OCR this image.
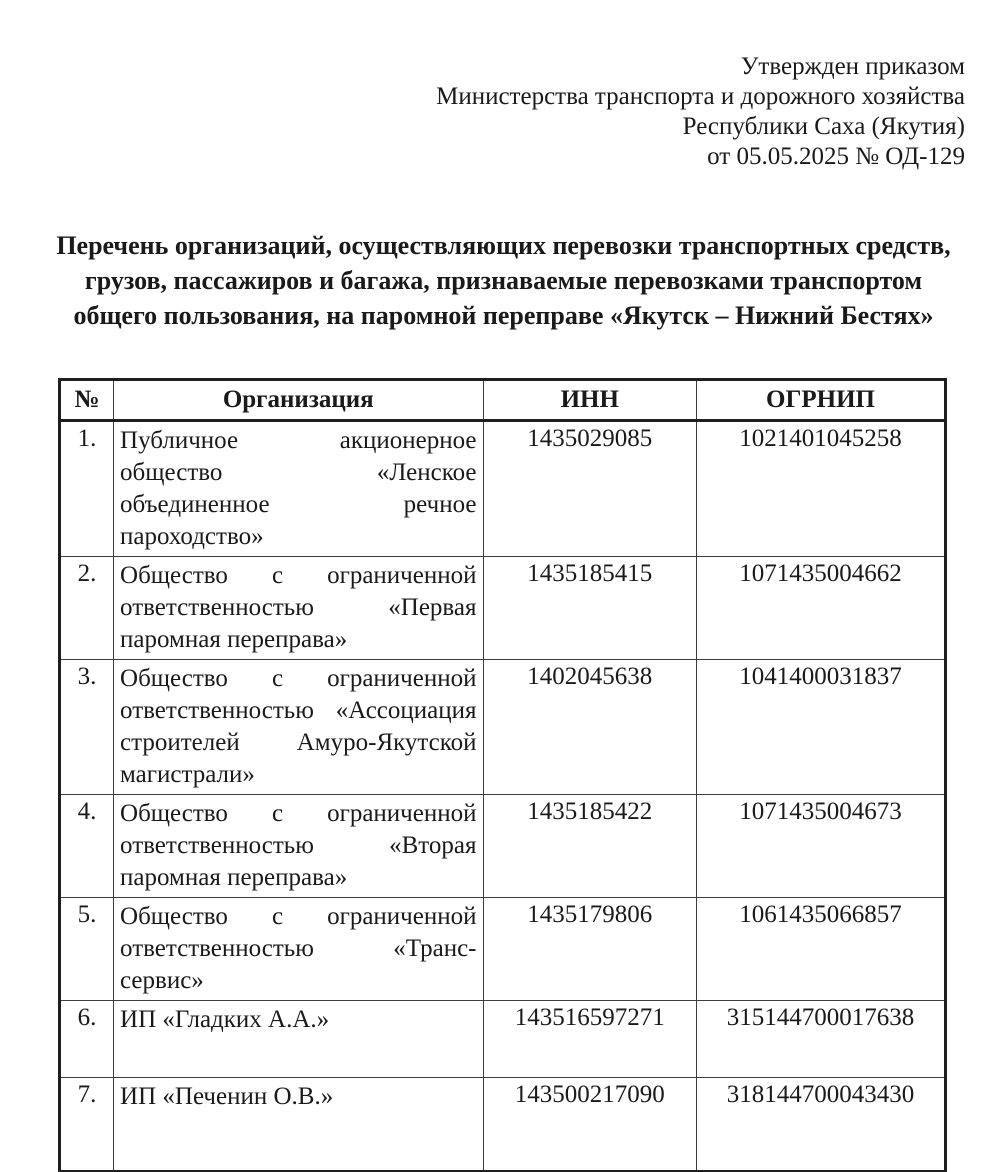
Утвержден приказом
Министерства транспорта и дорожного хозяйства
Республики Саха (Якутия)
от 05.05.2025 № ОД-129
Перечень организаций, осуществляющих перевозки транспортных средств, грузов, пассажиров и багажа, признаваемые перевозками транспортом общего пользования, на паромной переправе «Якутск – Нижний Бестях»
№	Организация	ИНН	ОГРНИП
1.	Публичное акционерное общество «Ленское объединенное речное пароходство»	1435029085	1021401045258
2.	Общество с ограниченной ответственностью «Первая паромная переправа»	1435185415	1071435004662
3.	Общество с ограниченной ответственностью «Ассоциация строителей Амуро-Якутской магистрали»	1402045638	1041400031837
4.	Общество с ограниченной ответственностью «Вторая паромная переправа»	1435185422	1071435004673
5.	Общество с ограниченной ответственностью «Транс-сервис»	1435179806	1061435066857
6.	ИП «Гладких А.А.»	143516597271	315144700017638
7.	ИП «Печенин О.В.»	143500217090	318144700043430
